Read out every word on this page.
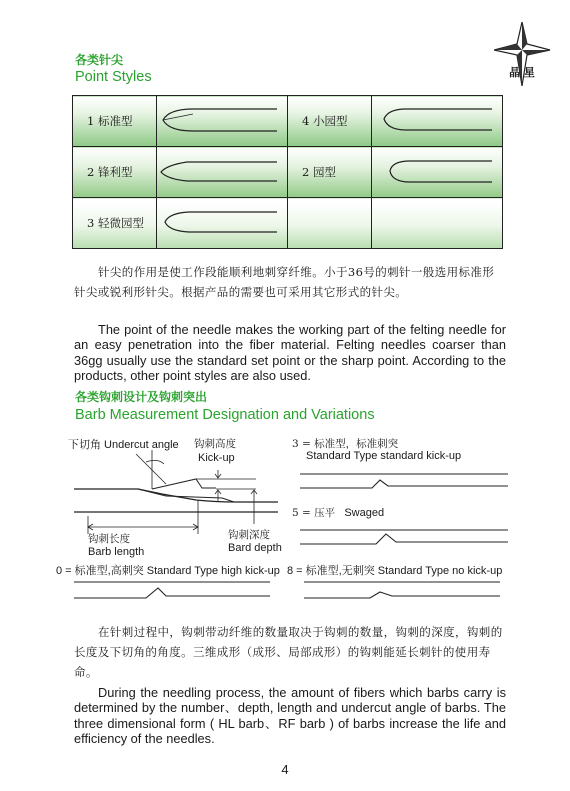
各类针尖
Point Styles	晶 星
1 标准型		4 小园型	

2 锋利型		2 园型	

3 轻微园型	

针尖的作用是使工作段能顺利地刺穿纤维。小于36号的刺针一般选用标准形针尖或锐利形针尖。根据产品的需要也可采用其它形式的针尖。

The point of the needle makes the working part of the felting needle for an easy penetration into the fiber material. Felting needles coarser than 36gg usually use the standard set point or the sharp point. According to the products, other point styles are also used.

各类钩刺设计及钩刺突出
Barb Measurement Designation and Variations
下切角 Undercut angle 钩刺高度
Kick-up
钩刺长度
Barb length
钩刺深度
Bard depth
3 = 标准型，标准刺突
Standard Type standard kick-up
5 = 压平 Swaged
0 = 标准型,高刺突 Standard Type high kick-up 8 = 标准型,无刺突 Standard Type no kick-up
在针刺过程中，钩刺带动纤维的数量取决于钩刺的数量，钩刺的深度，钩刺的长度及下切角的角度。三维成形（成形、局部成形）的钩刺能延长刺针的使用寿命。

During the needling process, the amount of fibers which barbs carry is determined by the number、depth, length and undercut angle of barbs. The three dimensional form ( HL barb、RF barb ) of barbs increase the life and efficiency of the needles.

4
